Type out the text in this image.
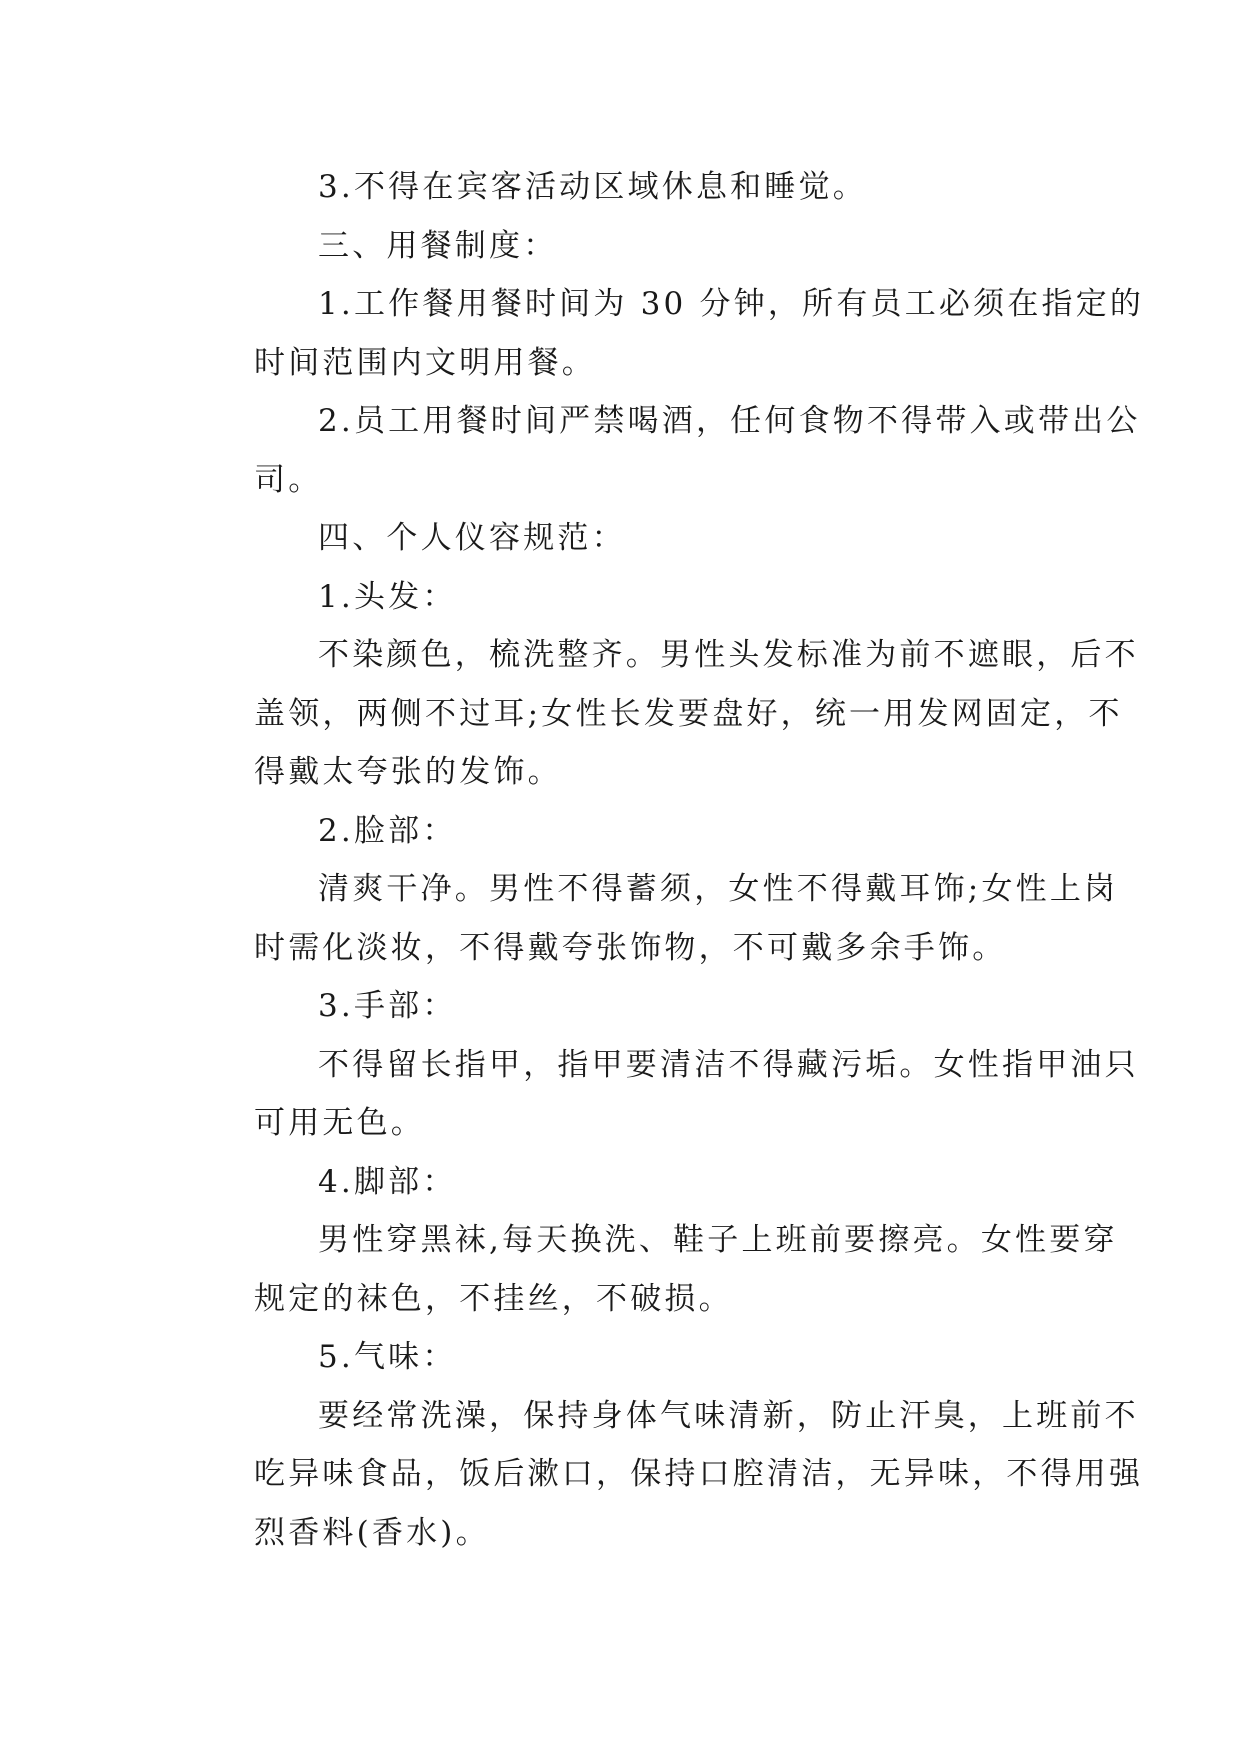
3.不得在宾客活动区域休息和睡觉。
三、用餐制度：
1.工作餐用餐时间为 30 分钟，所有员工必须在指定的
时间范围内文明用餐。
2.员工用餐时间严禁喝酒，任何食物不得带入或带出公
司。
四、个人仪容规范：
1.头发：
不染颜色，梳洗整齐。男性头发标准为前不遮眼，后不
盖领，两侧不过耳;女性长发要盘好，统一用发网固定，不
得戴太夸张的发饰。
2.脸部：
清爽干净。男性不得蓄须，女性不得戴耳饰;女性上岗
时需化淡妆，不得戴夸张饰物，不可戴多余手饰。
3.手部：
不得留长指甲，指甲要清洁不得藏污垢。女性指甲油只
可用无色。
4.脚部：
男性穿黑袜,每天换洗、鞋子上班前要擦亮。女性要穿
规定的袜色，不挂丝，不破损。
5.气味：
要经常洗澡，保持身体气味清新，防止汗臭，上班前不
吃异味食品，饭后漱口，保持口腔清洁，无异味，不得用强
烈香料(香水)。
